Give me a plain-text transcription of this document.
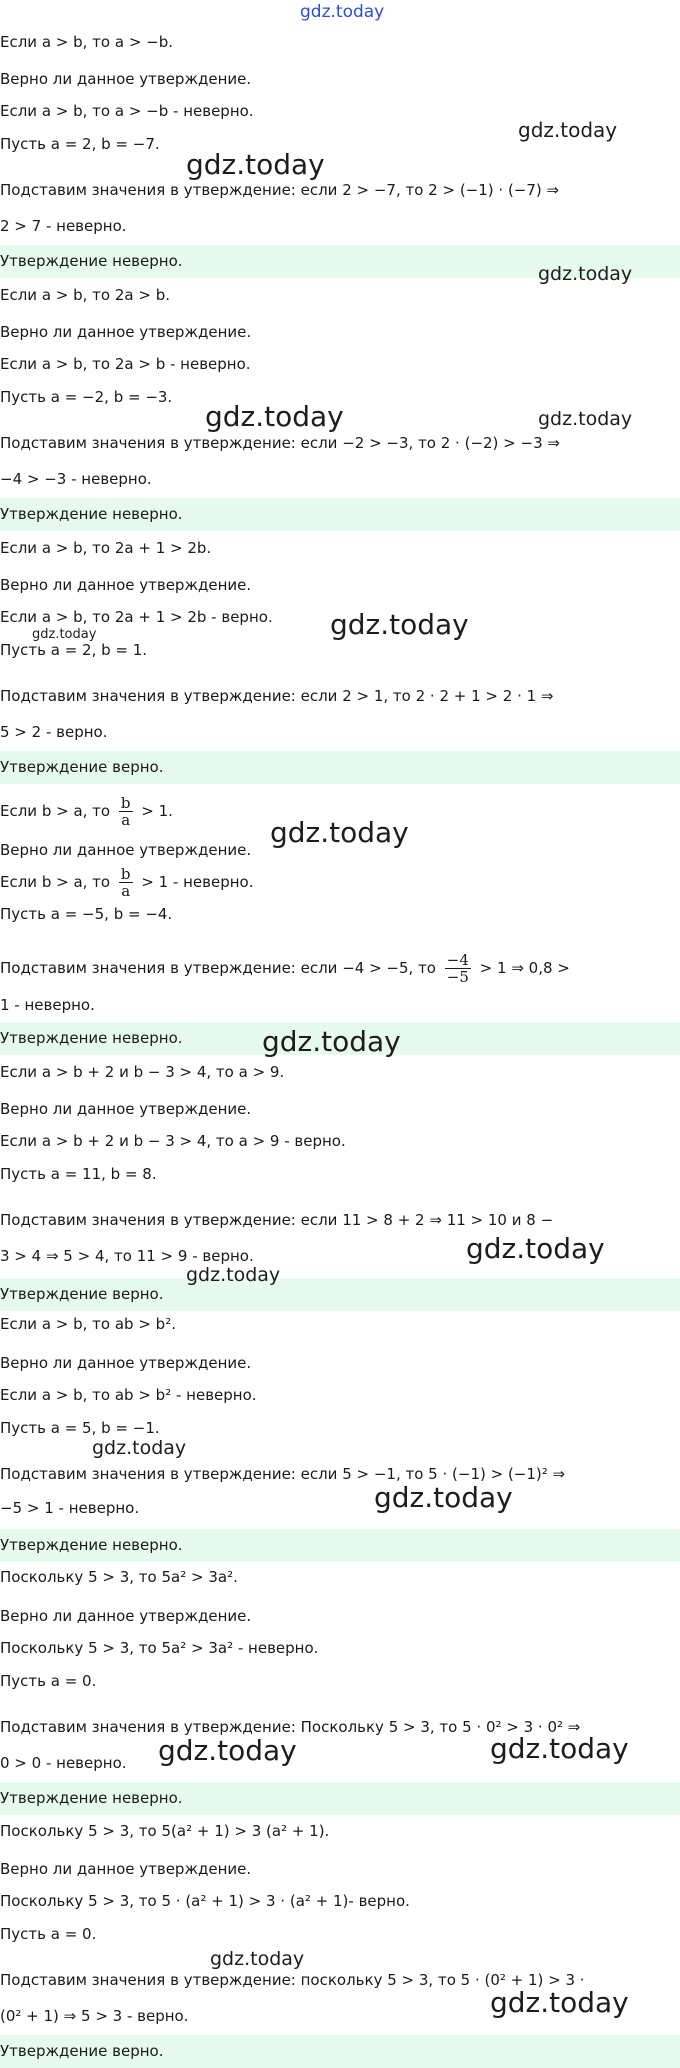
gdz.today
Если a > b, то a > −b.
Верно ли данное утверждение.
Если a > b, то a > −b - неверно.
Пусть a = 2, b = −7.
Подставим значения в утверждение: если 2 > −7, то 2 > (−1) · (−7) ⇒
2 > 7 - неверно.
Утверждение неверно.
Если a > b, то 2a > b.
Верно ли данное утверждение.
Если a > b, то 2a > b - неверно.
Пусть a = −2, b = −3.
Подставим значения в утверждение: если −2 > −3, то 2 · (−2) > −3 ⇒
−4 > −3 - неверно.
Утверждение неверно.
Если a > b, то 2a + 1 > 2b.
Верно ли данное утверждение.
Если a > b, то 2a + 1 > 2b - верно.
Пусть a = 2, b = 1.
Подставим значения в утверждение: если 2 > 1, то 2 · 2 + 1 > 2 · 1 ⇒
5 > 2 - верно.
Утверждение верно.
Если b > a, то $\frac{b}{a} > 1$.
Верно ли данное утверждение.
Если b > a, то $\frac{b}{a} > 1$ - неверно.
Пусть a = −5, b = −4.
Подставим значения в утверждение: если −4 > −5, то $\frac{-4}{-5} > 1$ ⇒ 0,8 >
1 - неверно.
Утверждение неверно.
Если a > b + 2 и b − 3 > 4, то a > 9.
Верно ли данное утверждение.
Если a > b + 2 и b − 3 > 4, то a > 9 - верно.
Пусть a = 11, b = 8.
Подставим значения в утверждение: если 11 > 8 + 2 ⇒ 11 > 10 и 8 −
3 > 4 ⇒ 5 > 4, то 11 > 9 - верно.
Утверждение верно.
Если a > b, то ab > b².
Верно ли данное утверждение.
Если a > b, то ab > b² - неверно.
Пусть a = 5, b = −1.
Подставим значения в утверждение: если 5 > −1, то 5 · (−1) > (−1)² ⇒
−5 > 1 - неверно.
Утверждение неверно.
Поскольку 5 > 3, то 5a² > 3a².
Верно ли данное утверждение.
Поскольку 5 > 3, то 5a² > 3a² - неверно.
Пусть a = 0.
Подставим значения в утверждение: Поскольку 5 > 3, то 5 · 0² > 3 · 0² ⇒
0 > 0 - неверно.
Утверждение неверно.
Поскольку 5 > 3, то 5(a² + 1) > 3 (a² + 1).
Верно ли данное утверждение.
Поскольку 5 > 3, то 5 · (a² + 1) > 3 · (a² + 1)- верно.
Пусть a = 0.
Подставим значения в утверждение: поскольку 5 > 3, то 5 · (0² + 1) > 3 ·
(0² + 1) ⇒ 5 > 3 - верно.
Утверждение верно.
gdz.today
gdz.today
gdz.today
gdz.today	gdz.today
gdz.today
gdz.today
gdz.today
gdz.today
gdz.today
gdz.today
gdz.today
gdz.today
gdz.today	gdz.today
gdz.today
gdz.today
